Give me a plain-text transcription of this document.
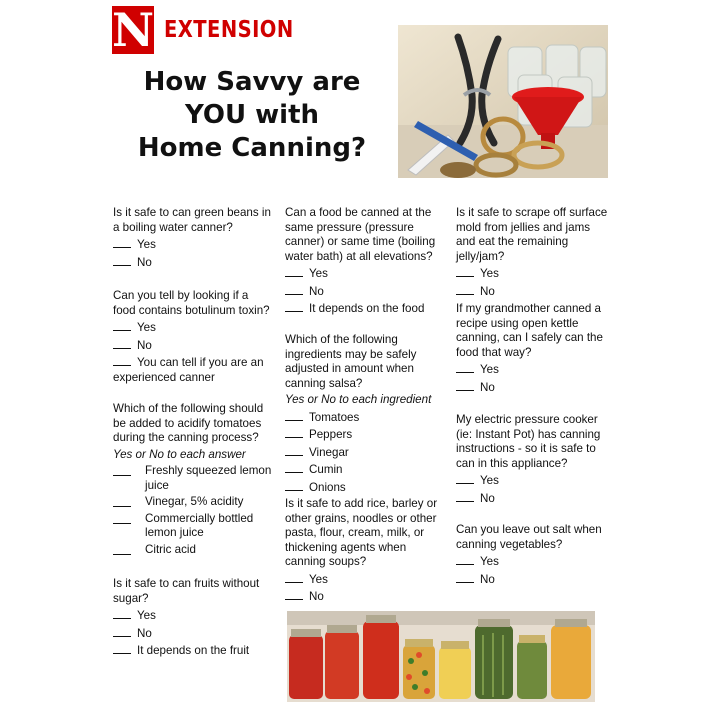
N EXTENSION
How Savvy are
YOU with
Home Canning?
Is it safe to can green beans in a boiling water canner?
Yes
No
Can you tell by looking if a food contains botulinum toxin?
Yes
No
You can tell if you are an experienced canner
Which of the following should be added to acidify tomatoes during the canning process?
Yes or No to each answer
Freshly squeezed lemon juice
Vinegar, 5% acidity
Commercially bottled lemon juice
Citric acid
Is it safe to can fruits without sugar?
Yes
No
It depends on the fruit
Can a food be canned at the same pressure (pressure canner) or same time (boiling water bath) at all elevations?
Yes
No
It depends on the food
Which of the following ingredients may be safely adjusted in amount when canning salsa?
Yes or No to each ingredient
Tomatoes
Peppers
Vinegar
Cumin
Onions
Is it safe to add rice, barley or other grains, noodles or other pasta, flour, cream, milk, or thickening agents when canning soups?
Yes
No
Is it safe to scrape off surface mold from jellies and jams and eat the remaining jelly/jam?
Yes
No
If my grandmother canned a recipe using open kettle canning, can I safely can the food that way?
Yes
No
My electric pressure cooker (ie: Instant Pot) has canning instructions - so it is safe to can in this appliance?
Yes
No
Can you leave out salt when canning vegetables?
Yes
No
